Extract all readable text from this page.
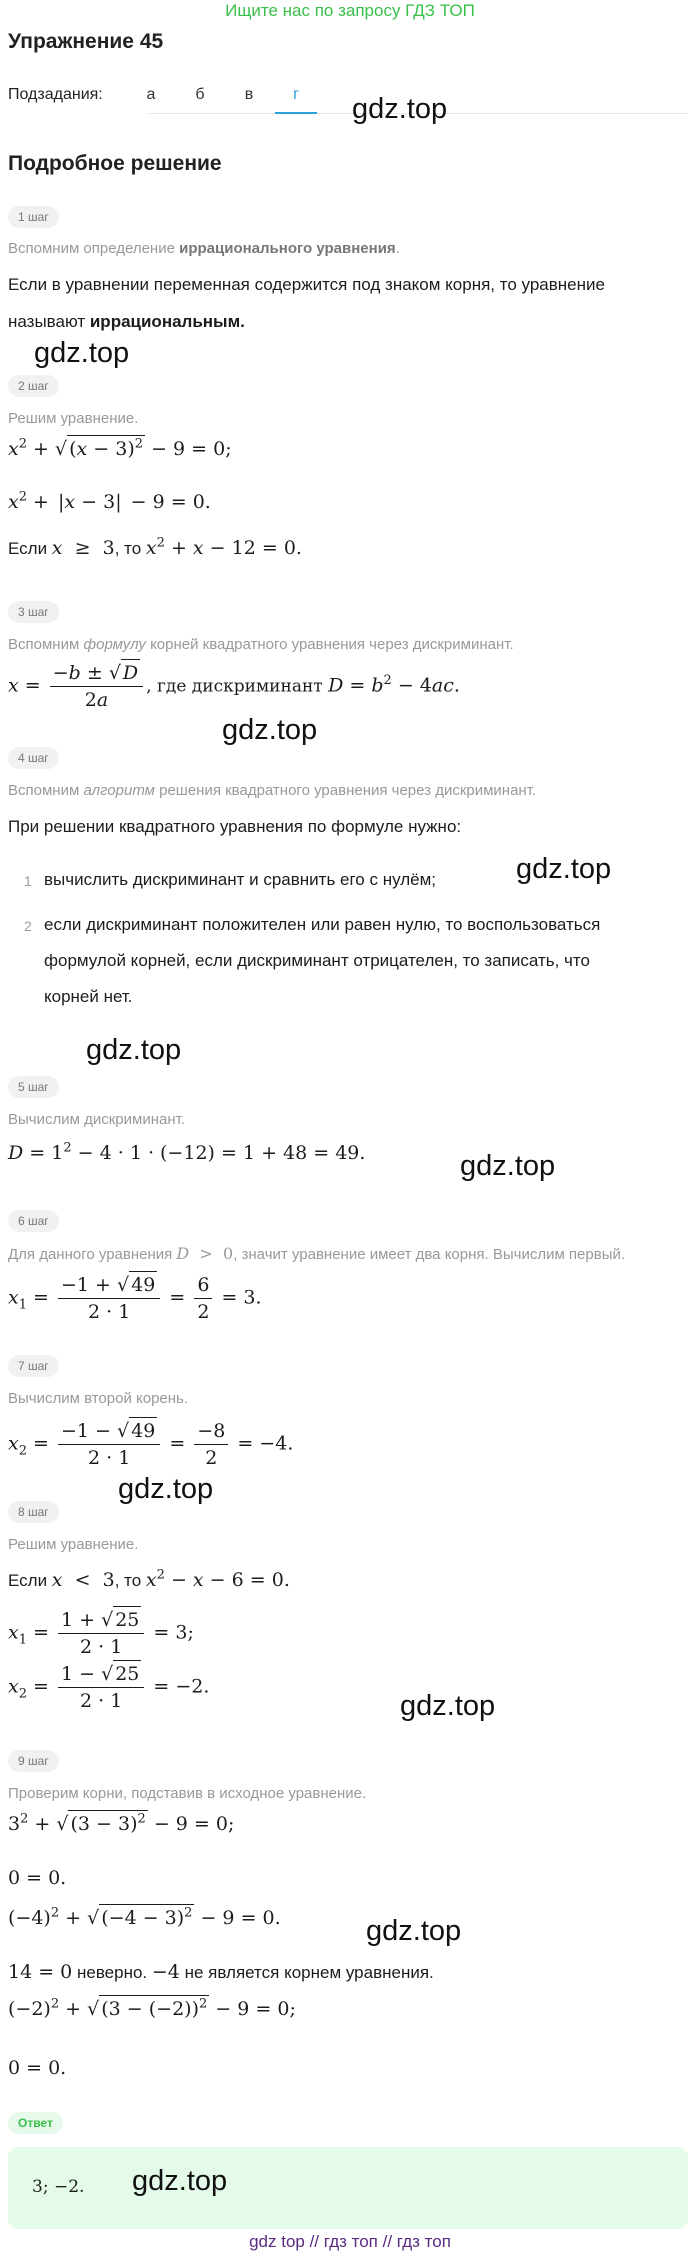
Ищите нас по запросу ГДЗ ТОП
Упражнение 45
Подзадания:	а	б	в	г
Подробное решение
1 шаг
Вспомним определение иррационального уравнения.
Если в уравнении переменная содержится под знаком корня, то уравнение
называют иррациональным.
2 шаг
Решим уравнение.
$x^2$ + √ $(x - 3)^2 - 9 = 0$;
$x^2 + |x - 3| - 9 = 0$.
Если x  ≥  3, то $x^2 + x - 12 = 0$.
3 шаг
Вспомним формулу корней квадратного уравнения через дискриминант.
$x = \frac{-b \pm √ D}{2a}$ , где дискриминант $D = b^2 - 4ac$.
4 шаг
Вспомним алгоритм решения квадратного уравнения через дискриминант.
При решении квадратного уравнения по формуле нужно:
1 вычислить дискриминант и сравнить его с нулём;
2 если дискриминант положителен или равен нулю, то воспользоваться
формулой корней, если дискриминант отрицателен, то записать, что
корней нет.
5 шаг
Вычислим дискриминант.
$D = 1^2 - 4 \cdot 1 \cdot (-12) = 1 + 48 = 49$.
6 шаг
Для данного уравнения D  >  0, значит уравнение имеет два корня. Вычислим первый.
$x_1 = \frac{-1 + √ 49}{2 \cdot 1} = \frac{6}{2} = 3$.
7 шаг
Вычислим второй корень.
$x_2 = \frac{-1 - √ 49}{2 \cdot 1} = \frac{-8}{2} = -4$.
8 шаг
Решим уравнение.
Если x  <  3, то $x^2 - x - 6 = 0$.
$x_1 = \frac{1 + √ 25}{2 \cdot 1} = 3$;
$x_2 = \frac{1 - √ 25}{2 \cdot 1} = -2$.
9 шаг
Проверим корни, подставив в исходное уравнение.
$3^2$ + √ $(3 - 3)^2 - 9 = 0$;
0 = 0.
$(-4)^2$ + √ $(-4 - 3)^2 - 9 = 0$.
14 = 0 неверно. −4 не является корнем уравнения.
$(-2)^2$ + √ $(3 - (-2))^2 - 9 = 0$;
0 = 0.
Ответ
3; −2.
gdz.top
gdz.top
gdz.top
gdz.top
gdz.top
gdz.top
gdz.top
gdz.top
gdz.top
gdz.top
gdz top // гдз топ // гдз топ
